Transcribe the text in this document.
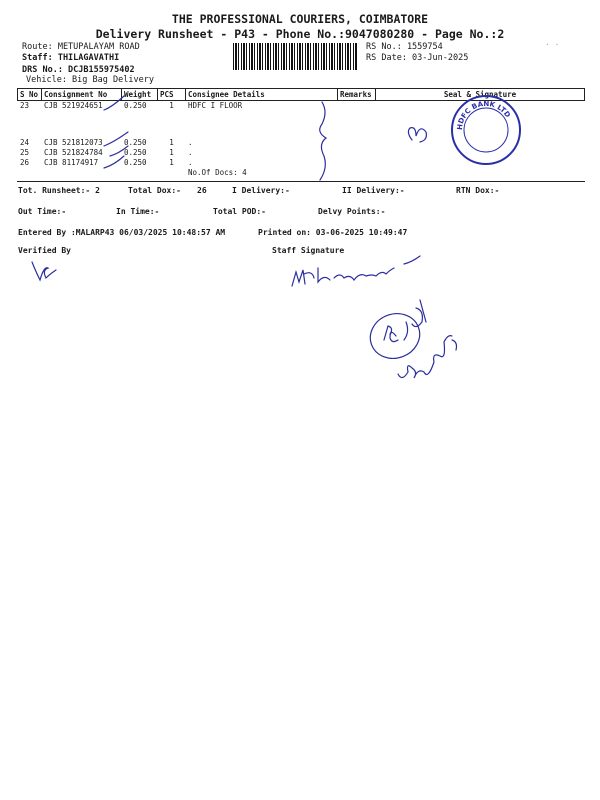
THE PROFESSIONAL COURIERS, COIMBATORE
Delivery Runsheet - P43 - Phone No.:9047080280 - Page No.:2
Route: METUPALAYAM ROAD
Staff: THILAGAVATHI
DRS No.: DCJB155975402
Vehicle: Big Bag Delivery
RS No.: 1559754
RS Date: 03-Jun-2025
S No	Consignment No	Weight	PCS	Consignee Details	Remarks	Seal & Signature
23	CJB 521924651	0.250	1	HDFC I FLOOR		

24	CJB 521812073	0.250	1	.		
25	CJB 521824784	0.250	1	.		
26	CJB 81174917	0.250	1	.		
				No.Of Docs: 4		
Tot. Runsheet:- 2	Total Dox:- 26	I Delivery:-	II Delivery:-	RTN Dox:-
Out Time:-	In Time:-	Total POD:-	Delvy Points:-
Entered By :MALARP43 06/03/2025 10:48:57 AM	Printed on: 03-06-2025 10:49:47
Verified By	Staff Signature
HDFC BANK LTD
· ·
